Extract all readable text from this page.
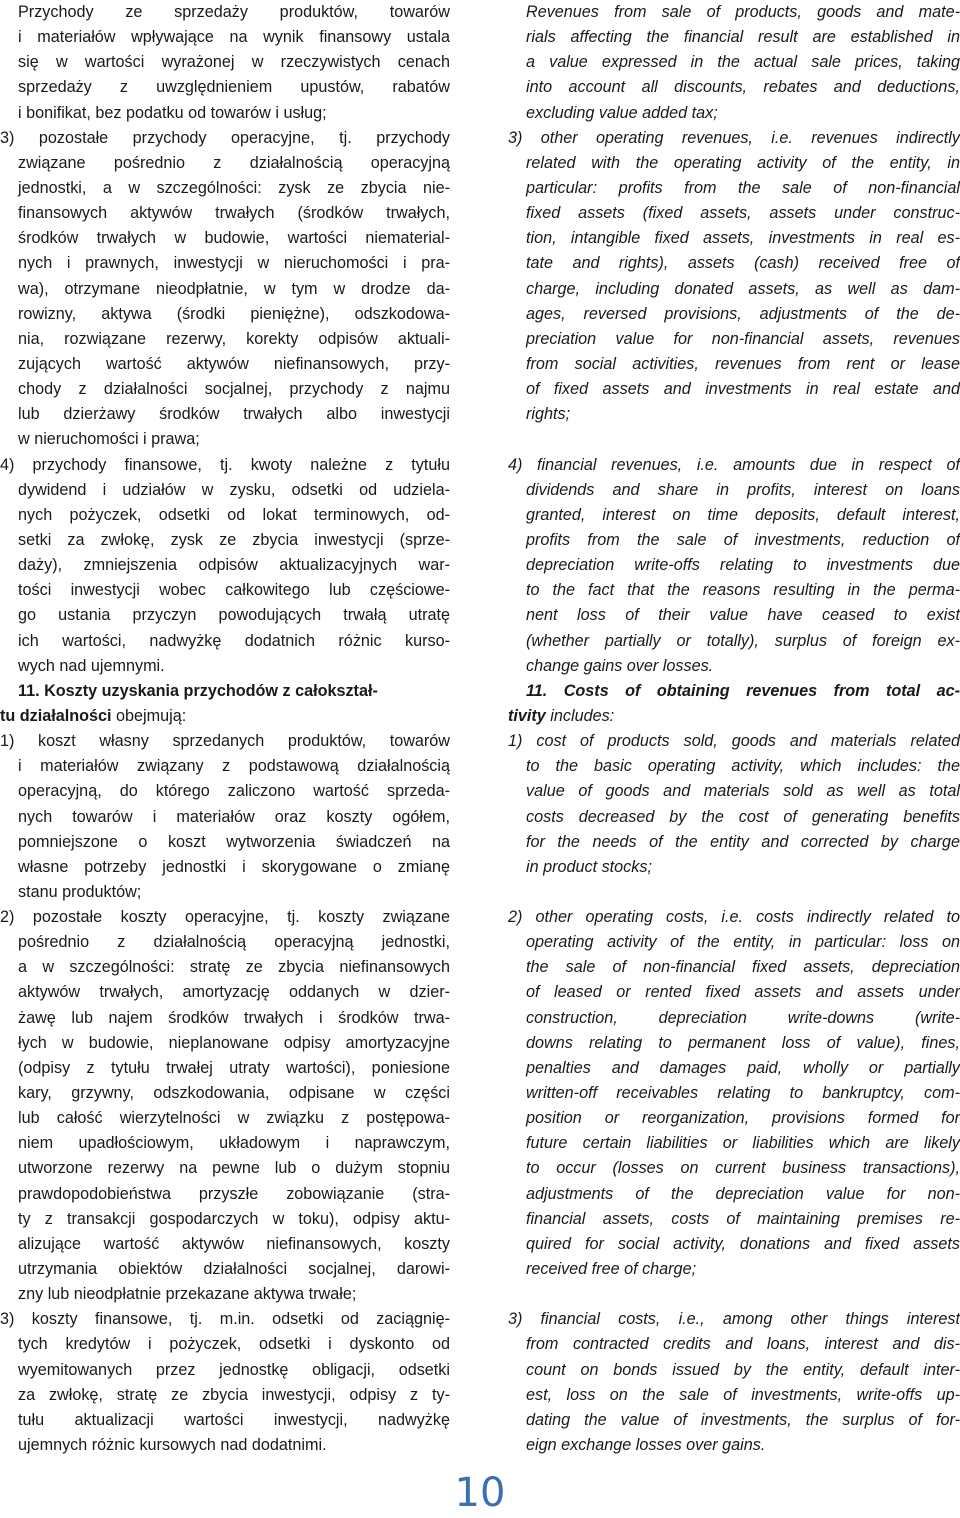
Przychody ze sprzedaży produktów, towarów
i materiałów wpływające na wynik finansowy ustala
się w wartości wyrażonej w rzeczywistych cenach
sprzedaży z uwzględnieniem upustów, rabatów
i bonifikat, bez podatku od towarów i usług;
3) pozostałe przychody operacyjne, tj. przychody
związane pośrednio z działalnością operacyjną
jednostki, a w szczególności: zysk ze zbycia nie-
finansowych aktywów trwałych (środków trwałych,
środków trwałych w budowie, wartości niematerial-
nych i prawnych, inwestycji w nieruchomości i pra-
wa), otrzymane nieodpłatnie, w tym w drodze da-
rowizny, aktywa (środki pieniężne), odszkodowa-
nia, rozwiązane rezerwy, korekty odpisów aktuali-
zujących wartość aktywów niefinansowych, przy-
chody z działalności socjalnej, przychody z najmu
lub dzierżawy środków trwałych albo inwestycji
w nieruchomości i prawa;
4) przychody finansowe, tj. kwoty należne z tytułu
dywidend i udziałów w zysku, odsetki od udziela-
nych pożyczek, odsetki od lokat terminowych, od-
setki za zwłokę, zysk ze zbycia inwestycji (sprze-
daży), zmniejszenia odpisów aktualizacyjnych war-
tości inwestycji wobec całkowitego lub częściowe-
go ustania przyczyn powodujących trwałą utratę
ich wartości, nadwyżkę dodatnich różnic kurso-
wych nad ujemnymi.
11. Koszty uzyskania przychodów z całokształ-
tu działalności obejmują:
1) koszt własny sprzedanych produktów, towarów
i materiałów związany z podstawową działalnością
operacyjną, do którego zaliczono wartość sprzeda-
nych towarów i materiałów oraz koszty ogółem,
pomniejszone o koszt wytworzenia świadczeń na
własne potrzeby jednostki i skorygowane o zmianę
stanu produktów;
2) pozostałe koszty operacyjne, tj. koszty związane
pośrednio z działalnością operacyjną jednostki,
a w szczególności: stratę ze zbycia niefinansowych
aktywów trwałych, amortyzację oddanych w dzier-
żawę lub najem środków trwałych i środków trwa-
łych w budowie, nieplanowane odpisy amortyzacyjne
(odpisy z tytułu trwałej utraty wartości), poniesione
kary, grzywny, odszkodowania, odpisane w części
lub całość wierzytelności w związku z postępowa-
niem upadłościowym, układowym i naprawczym,
utworzone rezerwy na pewne lub o dużym stopniu
prawdopodobieństwa przyszłe zobowiązanie (stra-
ty z transakcji gospodarczych w toku), odpisy aktu-
alizujące wartość aktywów niefinansowych, koszty
utrzymania obiektów działalności socjalnej, darowi-
zny lub nieodpłatnie przekazane aktywa trwałe;
3) koszty finansowe, tj. m.in. odsetki od zaciągnię-
tych kredytów i pożyczek, odsetki i dyskonto od
wyemitowanych przez jednostkę obligacji, odsetki
za zwłokę, stratę ze zbycia inwestycji, odpisy z ty-
tułu aktualizacji wartości inwestycji, nadwyżkę
ujemnych różnic kursowych nad dodatnimi.
Revenues from sale of products, goods and mate-
rials affecting the financial result are established in
a value expressed in the actual sale prices, taking
into account all discounts, rebates and deductions,
excluding value added tax;
3) other operating revenues, i.e. revenues indirectly
related with the operating activity of the entity, in
particular: profits from the sale of non-financial
fixed assets (fixed assets, assets under construc-
tion, intangible fixed assets, investments in real es-
tate and rights), assets (cash) received free of
charge, including donated assets, as well as dam-
ages, reversed provisions, adjustments of the de-
preciation value for non-financial assets, revenues
from social activities, revenues from rent or lease
of fixed assets and investments in real estate and
rights;
4) financial revenues, i.e. amounts due in respect of
dividends and share in profits, interest on loans
granted, interest on time deposits, default interest,
profits from the sale of investments, reduction of
depreciation write-offs relating to investments due
to the fact that the reasons resulting in the perma-
nent loss of their value have ceased to exist
(whether partially or totally), surplus of foreign ex-
change gains over losses.
11. Costs of obtaining revenues from total ac-
tivity includes:
1) cost of products sold, goods and materials related
to the basic operating activity, which includes: the
value of goods and materials sold as well as total
costs decreased by the cost of generating benefits
for the needs of the entity and corrected by charge
in product stocks;
2) other operating costs, i.e. costs indirectly related to
operating activity of the entity, in particular: loss on
the sale of non-financial fixed assets, depreciation
of leased or rented fixed assets and assets under
construction, depreciation write-downs (write-
downs relating to permanent loss of value), fines,
penalties and damages paid, wholly or partially
written-off receivables relating to bankruptcy, com-
position or reorganization, provisions formed for
future certain liabilities or liabilities which are likely
to occur (losses on current business transactions),
adjustments of the depreciation value for non-
financial assets, costs of maintaining premises re-
quired for social activity, donations and fixed assets
received free of charge;
3) financial costs, i.e., among other things interest
from contracted credits and loans, interest and dis-
count on bonds issued by the entity, default inter-
est, loss on the sale of investments, write-offs up-
dating the value of investments, the surplus of for-
eign exchange losses over gains.
10
